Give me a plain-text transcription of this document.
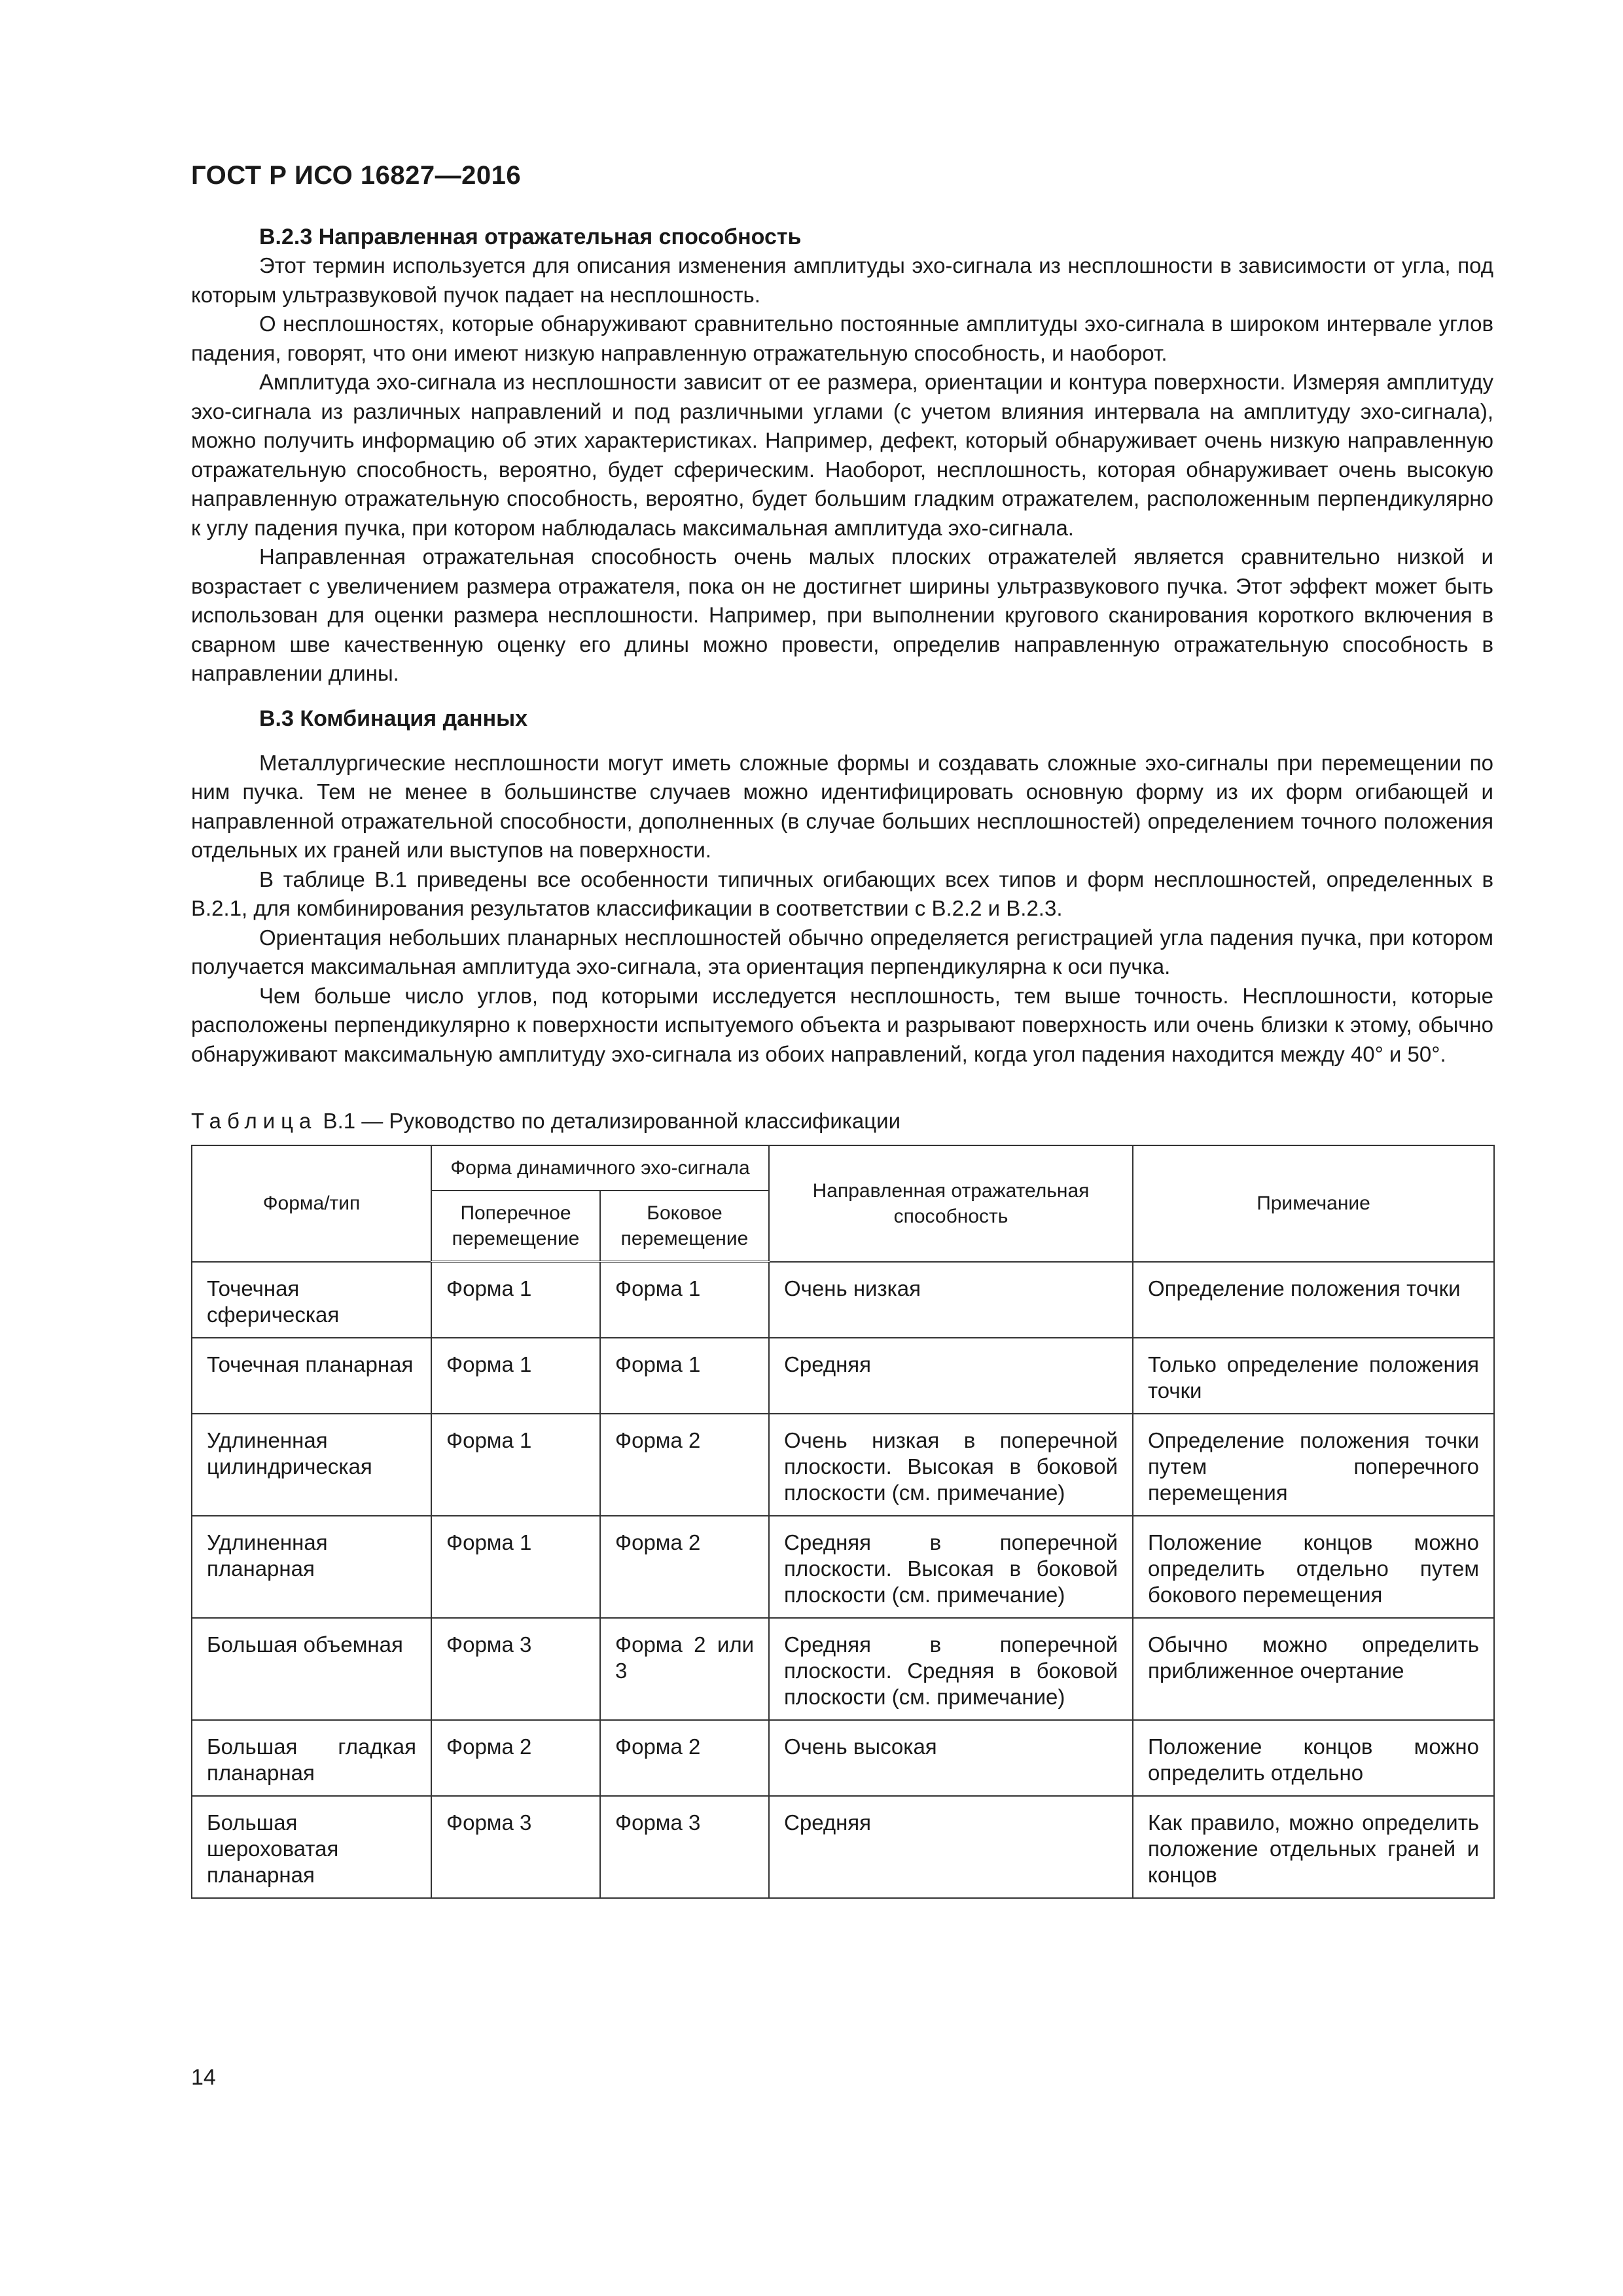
ГОСТ Р ИСО 16827—2016

В.2.3 Направленная отражательная способность

Этот термин используется для описания изменения амплитуды эхо-сигнала из несплошности в зависимости от угла, под которым ультразвуковой пучок падает на несплошность.

О несплошностях, которые обнаруживают сравнительно постоянные амплитуды эхо-сигнала в широком интервале углов падения, говорят, что они имеют низкую направленную отражательную способность, и наоборот.

Амплитуда эхо-сигнала из несплошности зависит от ее размера, ориентации и контура поверхности. Измеряя амплитуду эхо-сигнала из различных направлений и под различными углами (с учетом влияния интервала на амплитуду эхо-сигнала), можно получить информацию об этих характеристиках. Например, дефект, который обнаруживает очень низкую направленную отражательную способность, вероятно, будет сферическим. Наоборот, несплошность, которая обнаруживает очень высокую направленную отражательную способность, вероятно, будет большим гладким отражателем, расположенным перпендикулярно к углу падения пучка, при котором наблюдалась максимальная амплитуда эхо-сигнала.

Направленная отражательная способность очень малых плоских отражателей является сравнительно низкой и возрастает с увеличением размера отражателя, пока он не достигнет ширины ультразвукового пучка. Этот эффект может быть использован для оценки размера несплошности. Например, при выполнении кругового сканирования короткого включения в сварном шве качественную оценку его длины можно провести, определив направленную отражательную способность в направлении длины.

В.3 Комбинация данных

Металлургические несплошности могут иметь сложные формы и создавать сложные эхо-сигналы при перемещении по ним пучка. Тем не менее в большинстве случаев можно идентифицировать основную форму из их форм огибающей и направленной отражательной способности, дополненных (в случае больших несплошностей) определением точного положения отдельных их граней или выступов на поверхности.

В таблице В.1 приведены все особенности типичных огибающих всех типов и форм несплошностей, определенных в В.2.1, для комбинирования результатов классификации в соответствии с В.2.2 и В.2.3.

Ориентация небольших планарных несплошностей обычно определяется регистрацией угла падения пучка, при котором получается максимальная амплитуда эхо-сигнала, эта ориентация перпендикулярна к оси пучка.

Чем больше число углов, под которыми исследуется несплошность, тем выше точность. Несплошности, которые расположены перпендикулярно к поверхности испытуемого объекта и разрывают поверхность или очень близки к этому, обычно обнаруживают максимальную амплитуду эхо-сигнала из обоих направлений, когда угол падения находится между 40° и 50°.

Таблица В.1 — Руководство по детализированной классификации
Форма/тип	Форма динамичного эхо-сигнала		Направленная отражательная способность	Примечание
	Поперечное перемещение	Боковое перемещение		
Точечная сферическая	Форма 1	Форма 1	Очень низкая	Определение положения точки
Точечная планарная	Форма 1	Форма 1	Средняя	Только определение положения точки
Удлиненная цилиндрическая	Форма 1	Форма 2	Очень низкая в поперечной плоскости. Высокая в боковой плоскости (см. примечание)	Определение положения точки путем поперечного перемещения
Удлиненная планарная	Форма 1	Форма 2	Средняя в поперечной плоскости. Высокая в боковой плоскости (см. примечание)	Положение концов можно определить отдельно путем бокового перемещения
Большая объемная	Форма 3	Форма 2 или 3	Средняя в поперечной плоскости. Средняя в боковой плоскости (см. примечание)	Обычно можно определить приближенное очертание
Большая гладкая планарная	Форма 2	Форма 2	Очень высокая	Положение концов можно определить отдельно
Большая шероховатая планарная	Форма 3	Форма 3	Средняя	Как правило, можно определить положение отдельных граней и концов
14
